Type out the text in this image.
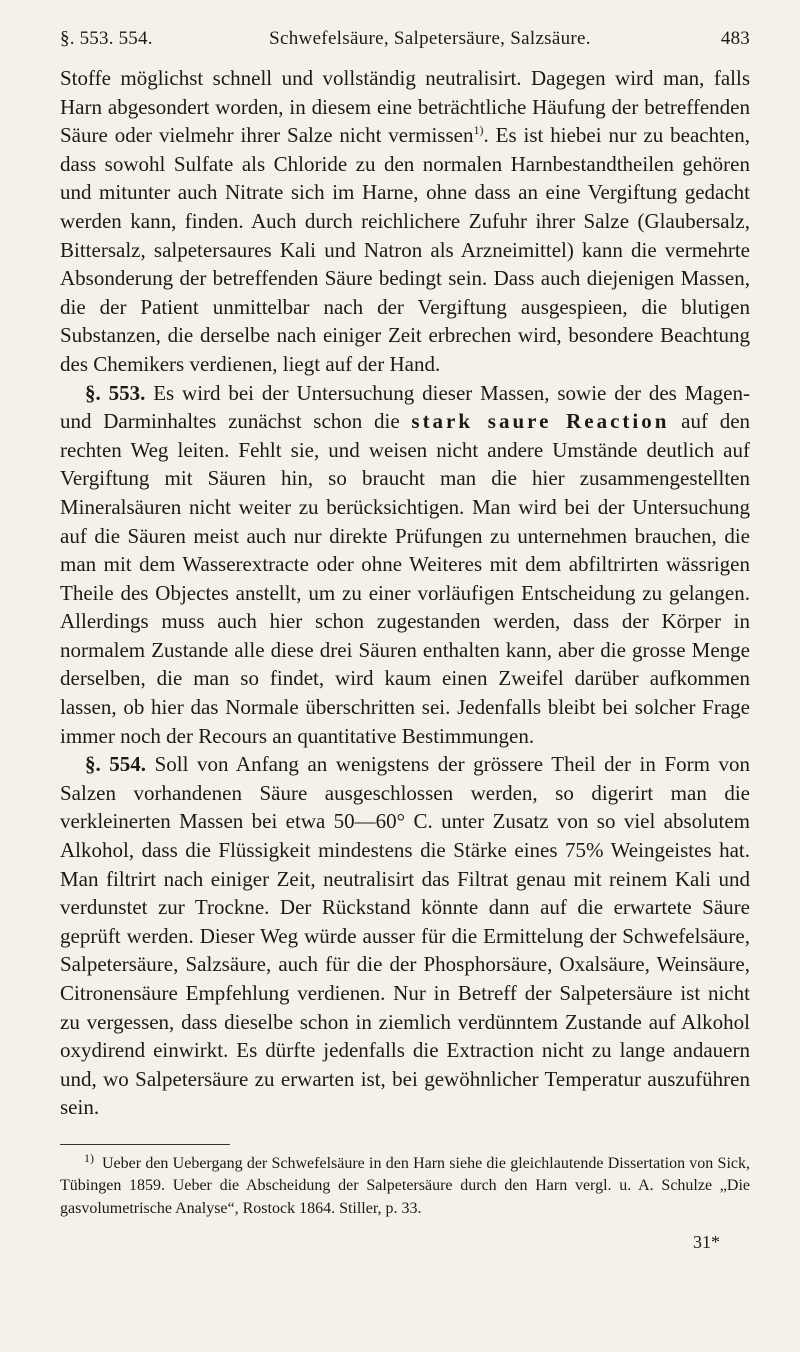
§. 553. 554.	Schwefelsäure, Salpetersäure, Salzsäure.	483

Stoffe möglichst schnell und vollständig neutralisirt. Dagegen wird man, falls Harn abgesondert worden, in diesem eine beträchtliche Häufung der betreffenden Säure oder vielmehr ihrer Salze nicht vermissen$^{1)}$. Es ist hiebei nur zu beachten, dass sowohl Sulfate als Chloride zu den normalen Harnbestandtheilen gehören und mitunter auch Nitrate sich im Harne, ohne dass an eine Vergiftung gedacht werden kann, finden. Auch durch reichlichere Zufuhr ihrer Salze (Glaubersalz, Bittersalz, salpetersaures Kali und Natron als Arzneimittel) kann die vermehrte Absonderung der betreffenden Säure bedingt sein. Dass auch diejenigen Massen, die der Patient unmittelbar nach der Vergiftung ausgespieen, die blutigen Substanzen, die derselbe nach einiger Zeit erbrechen wird, besondere Beachtung des Chemikers verdienen, liegt auf der Hand.

§. 553. Es wird bei der Untersuchung dieser Massen, sowie der des Magen- und Darminhaltes zunächst schon die stark saure Reaction auf den rechten Weg leiten. Fehlt sie, und weisen nicht andere Umstände deutlich auf Vergiftung mit Säuren hin, so braucht man die hier zusammengestellten Mineralsäuren nicht weiter zu berücksichtigen. Man wird bei der Untersuchung auf die Säuren meist auch nur direkte Prüfungen zu unternehmen brauchen, die man mit dem Wasserextracte oder ohne Weiteres mit dem abfiltrirten wässrigen Theile des Objectes anstellt, um zu einer vorläufigen Entscheidung zu gelangen. Allerdings muss auch hier schon zugestanden werden, dass der Körper in normalem Zustande alle diese drei Säuren enthalten kann, aber die grosse Menge derselben, die man so findet, wird kaum einen Zweifel darüber aufkommen lassen, ob hier das Normale überschritten sei. Jedenfalls bleibt bei solcher Frage immer noch der Recours an quantitative Bestimmungen.

§. 554. Soll von Anfang an wenigstens der grössere Theil der in Form von Salzen vorhandenen Säure ausgeschlossen werden, so digerirt man die verkleinerten Massen bei etwa 50—60° C. unter Zusatz von so viel absolutem Alkohol, dass die Flüssigkeit mindestens die Stärke eines 75% Weingeistes hat. Man filtrirt nach einiger Zeit, neutralisirt das Filtrat genau mit reinem Kali und verdunstet zur Trockne. Der Rückstand könnte dann auf die erwartete Säure geprüft werden. Dieser Weg würde ausser für die Ermittelung der Schwefelsäure, Salpetersäure, Salzsäure, auch für die der Phosphorsäure, Oxalsäure, Weinsäure, Citronensäure Empfehlung verdienen. Nur in Betreff der Salpetersäure ist nicht zu vergessen, dass dieselbe schon in ziemlich verdünntem Zustande auf Alkohol oxydirend einwirkt. Es dürfte jedenfalls die Extraction nicht zu lange andauern und, wo Salpetersäure zu erwarten ist, bei gewöhnlicher Temperatur auszuführen sein.

$^{1)}$ Ueber den Uebergang der Schwefelsäure in den Harn siehe die gleichlautende Dissertation von Sick, Tübingen 1859. Ueber die Abscheidung der Salpetersäure durch den Harn vergl. u. A. Schulze „Die gasvolumetrische Analyse“, Rostock 1864. Stiller, p. 33.
31*
